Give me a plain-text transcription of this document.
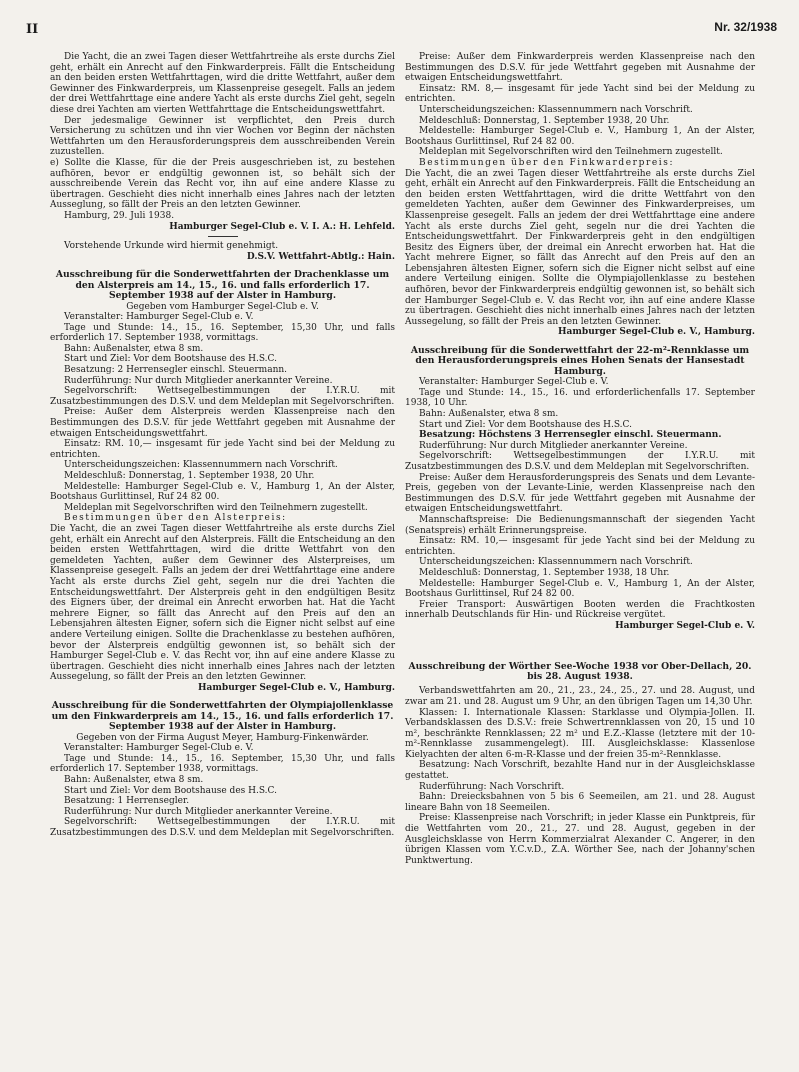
II	Nr. 32/1938

Die Yacht, die an zwei Tagen dieser Wettfahrtreihe als erste durchs Ziel geht, erhält ein Anrecht auf den Finkwarderpreis. Fällt die Entscheidung an den beiden ersten Wettfahrttagen, wird die dritte Wettfahrt, außer dem Gewinner des Finkwarderpreis, um Klassenpreise gesegelt. Falls an jedem der drei Wettfahrttage eine andere Yacht als erste durchs Ziel geht, segeln diese drei Yachten am vierten Wettfahrttage die Entscheidungswettfahrt.

Der jedesmalige Gewinner ist verpflichtet, den Preis durch Versicherung zu schützen und ihn vier Wochen vor Beginn der nächsten Wettfahrten um den Herausforderungspreis dem ausschreibenden Verein zuzustellen.

e) Sollte die Klasse, für die der Preis ausgeschrieben ist, zu bestehen aufhören, bevor er endgültig gewonnen ist, so behält sich der ausschreibende Verein das Recht vor, ihn auf eine andere Klasse zu übertragen. Geschieht dies nicht innerhalb eines Jahres nach der letzten Ausseglung, so fällt der Preis an den letzten Gewinner.

Hamburg, 29. Juli 1938.

Hamburger Segel-Club e. V. I. A.: H. Lehfeld.

Vorstehende Urkunde wird hiermit genehmigt.

D.S.V. Wettfahrt-Abtlg.: Hain.

Ausschreibung für die Sonderwettfahrten der Drachenklasse um den Alsterpreis am 14., 15., 16. und falls erforderlich 17. September 1938 auf der Alster in Hamburg.

Gegeben vom Hamburger Segel-Club e. V.

Veranstalter: Hamburger Segel-Club e. V.

Tage und Stunde: 14., 15., 16. September, 15,30 Uhr, und falls erforderlich 17. September 1938, vormittags.

Bahn: Außenalster, etwa 8 sm.

Start und Ziel: Vor dem Bootshause des H.S.C.

Besatzung: 2 Herrensegler einschl. Steuermann.

Ruderführung: Nur durch Mitglieder anerkannter Vereine.

Segelvorschrift: Wettsegelbestimmungen der I.Y.R.U. mit Zusatzbestimmungen des D.S.V. und dem Meldeplan mit Segelvorschriften.

Preise: Außer dem Alsterpreis werden Klassenpreise nach den Bestimmungen des D.S.V. für jede Wettfahrt gegeben mit Ausnahme der etwaigen Entscheidungswettfahrt.

Einsatz: RM. 10,— insgesamt für jede Yacht sind bei der Meldung zu entrichten.

Unterscheidungszeichen: Klassennummern nach Vorschrift.

Meldeschluß: Donnerstag, 1. September 1938, 20 Uhr.

Meldestelle: Hamburger Segel-Club e. V., Hamburg 1, An der Alster, Bootshaus Gurlittinsel, Ruf 24 82 00.

Meldeplan mit Segelvorschriften wird den Teilnehmern zugestellt.

Bestimmungen über den Alsterpreis:

Die Yacht, die an zwei Tagen dieser Wettfahrtreihe als erste durchs Ziel geht, erhält ein Anrecht auf den Alsterpreis. Fällt die Entscheidung an den beiden ersten Wettfahrttagen, wird die dritte Wettfahrt von den gemeldeten Yachten, außer dem Gewinner des Alsterpreises, um Klassenpreise gesegelt. Falls an jedem der drei Wettfahrttage eine andere Yacht als erste durchs Ziel geht, segeln nur die drei Yachten die Entscheidungswettfahrt. Der Alsterpreis geht in den endgültigen Besitz des Eigners über, der dreimal ein Anrecht erworben hat. Hat die Yacht mehrere Eigner, so fällt das Anrecht auf den Preis auf den an Lebensjahren ältesten Eigner, sofern sich die Eigner nicht selbst auf eine andere Verteilung einigen. Sollte die Drachenklasse zu bestehen aufhören, bevor der Alsterpreis endgültig gewonnen ist, so behält sich der Hamburger Segel-Club e. V. das Recht vor, ihn auf eine andere Klasse zu übertragen. Geschieht dies nicht innerhalb eines Jahres nach der letzten Aussegelung, so fällt der Preis an den letzten Gewinner.

Hamburger Segel-Club e. V., Hamburg.

Ausschreibung für die Sonderwettfahrten der Olympiajollenklasse um den Finkwarderpreis am 14., 15., 16. und falls erforderlich 17. September 1938 auf der Alster in Hamburg.

Gegeben von der Firma August Meyer, Hamburg-Finkenwärder.

Veranstalter: Hamburger Segel-Club e. V.

Tage und Stunde: 14., 15., 16. September, 15,30 Uhr, und falls erforderlich 17. September 1938, vormittags.

Bahn: Außenalster, etwa 8 sm.

Start und Ziel: Vor dem Bootshause des H.S.C.

Besatzung: 1 Herrensegler.

Ruderführung: Nur durch Mitglieder anerkannter Vereine.

Segelvorschrift: Wettsegelbestimmungen der I.Y.R.U. mit Zusatzbestimmungen des D.S.V. und dem Meldeplan mit Segelvorschriften.

Preise: Außer dem Finkwarderpreis werden Klassenpreise nach den Bestimmungen des D.S.V. für jede Wettfahrt gegeben mit Ausnahme der etwaigen Entscheidungswettfahrt.

Einsatz: RM. 8,— insgesamt für jede Yacht sind bei der Meldung zu entrichten.

Unterscheidungszeichen: Klassennummern nach Vorschrift.

Meldeschluß: Donnerstag, 1. September 1938, 20 Uhr.

Meldestelle: Hamburger Segel-Club e. V., Hamburg 1, An der Alster, Bootshaus Gurlittinsel, Ruf 24 82 00.

Meldeplan mit Segelvorschriften wird den Teilnehmern zugestellt.

Bestimmungen über den Finkwarderpreis:

Die Yacht, die an zwei Tagen dieser Wettfahrtreihe als erste durchs Ziel geht, erhält ein Anrecht auf den Finkwarderpreis. Fällt die Entscheidung an den beiden ersten Wettfahrttagen, wird die dritte Wettfahrt von den gemeldeten Yachten, außer dem Gewinner des Finkwarderpreises, um Klassenpreise gesegelt. Falls an jedem der drei Wettfahrttage eine andere Yacht als erste durchs Ziel geht, segeln nur die drei Yachten die Entscheidungswettfahrt. Der Finkwarderpreis geht in den endgültigen Besitz des Eigners über, der dreimal ein Anrecht erworben hat. Hat die Yacht mehrere Eigner, so fällt das Anrecht auf den Preis auf den an Lebensjahren ältesten Eigner, sofern sich die Eigner nicht selbst auf eine andere Verteilung einigen. Sollte die Olympiajollenklasse zu bestehen aufhören, bevor der Finkwarderpreis endgültig gewonnen ist, so behält sich der Hamburger Segel-Club e. V. das Recht vor, ihn auf eine andere Klasse zu übertragen. Geschieht dies nicht innerhalb eines Jahres nach der letzten Aussegelung, so fällt der Preis an den letzten Gewinner.

Hamburger Segel-Club e. V., Hamburg.

Ausschreibung für die Sonderwettfahrt der 22-m²-Rennklasse um den Herausforderungspreis eines Hohen Senats der Hansestadt Hamburg.

Veranstalter: Hamburger Segel-Club e. V.

Tage und Stunde: 14., 15., 16. und erforderlichenfalls 17. September 1938, 10 Uhr.

Bahn: Außenalster, etwa 8 sm.

Start und Ziel: Vor dem Bootshause des H.S.C.

Besatzung: Höchstens 3 Herrensegler einschl. Steuermann.

Ruderführung: Nur durch Mitglieder anerkannter Vereine.

Segelvorschrift: Wettsegelbestimmungen der I.Y.R.U. mit Zusatzbestimmungen des D.S.V. und dem Meldeplan mit Segelvorschriften.

Preise: Außer dem Herausforderungspreis des Senats und dem Levante-Preis, gegeben von der Levante-Linie, werden Klassenpreise nach den Bestimmungen des D.S.V. für jede Wettfahrt gegeben mit Ausnahme der etwaigen Entscheidungswettfahrt.

Mannschaftspreise: Die Bedienungsmannschaft der siegenden Yacht (Senatspreis) erhält Erinnerungspreise.

Einsatz: RM. 10,— insgesamt für jede Yacht sind bei der Meldung zu entrichten.

Unterscheidungszeichen: Klassennummern nach Vorschrift.

Meldeschluß: Donnerstag, 1. September 1938, 18 Uhr.

Meldestelle: Hamburger Segel-Club e. V., Hamburg 1, An der Alster, Bootshaus Gurlittinsel, Ruf 24 82 00.

Freier Transport: Auswärtigen Booten werden die Frachtkosten innerhalb Deutschlands für Hin- und Rückreise vergütet.

Hamburger Segel-Club e. V.

Ausschreibung der Wörther See-Woche 1938 vor Ober-Dellach, 20. bis 28. August 1938.

Verbandswettfahrten am 20., 21., 23., 24., 25., 27. und 28. August, und zwar am 21. und 28. August um 9 Uhr, an den übrigen Tagen um 14,30 Uhr.

Klassen: I. Internationale Klassen: Starklasse und Olympia-Jollen. II. Verbandsklassen des D.S.V.: freie Schwertrennklassen von 20, 15 und 10 m², beschränkte Rennklassen; 22 m² und E.Z.-Klasse (letztere mit der 10-m²-Rennklasse zusammengelegt). III. Ausgleichsklasse: Klassenlose Kielyachten der alten 6-m-R-Klasse und der freien 35-m²-Rennklasse.

Besatzung: Nach Vorschrift, bezahlte Hand nur in der Ausgleichsklasse gestattet.

Ruderführung: Nach Vorschrift.

Bahn: Dreiecksbahnen von 5 bis 6 Seemeilen, am 21. und 28. August lineare Bahn von 18 Seemeilen.

Preise: Klassenpreise nach Vorschrift; in jeder Klasse ein Punktpreis, für die Wettfahrten vom 20., 21., 27. und 28. August, gegeben in der Ausgleichsklasse von Herrn Kommerzialrat Alexander C. Angerer, in den übrigen Klassen vom Y.C.v.D., Z.A. Wörther See, nach der Johanny'schen Punktwertung.
